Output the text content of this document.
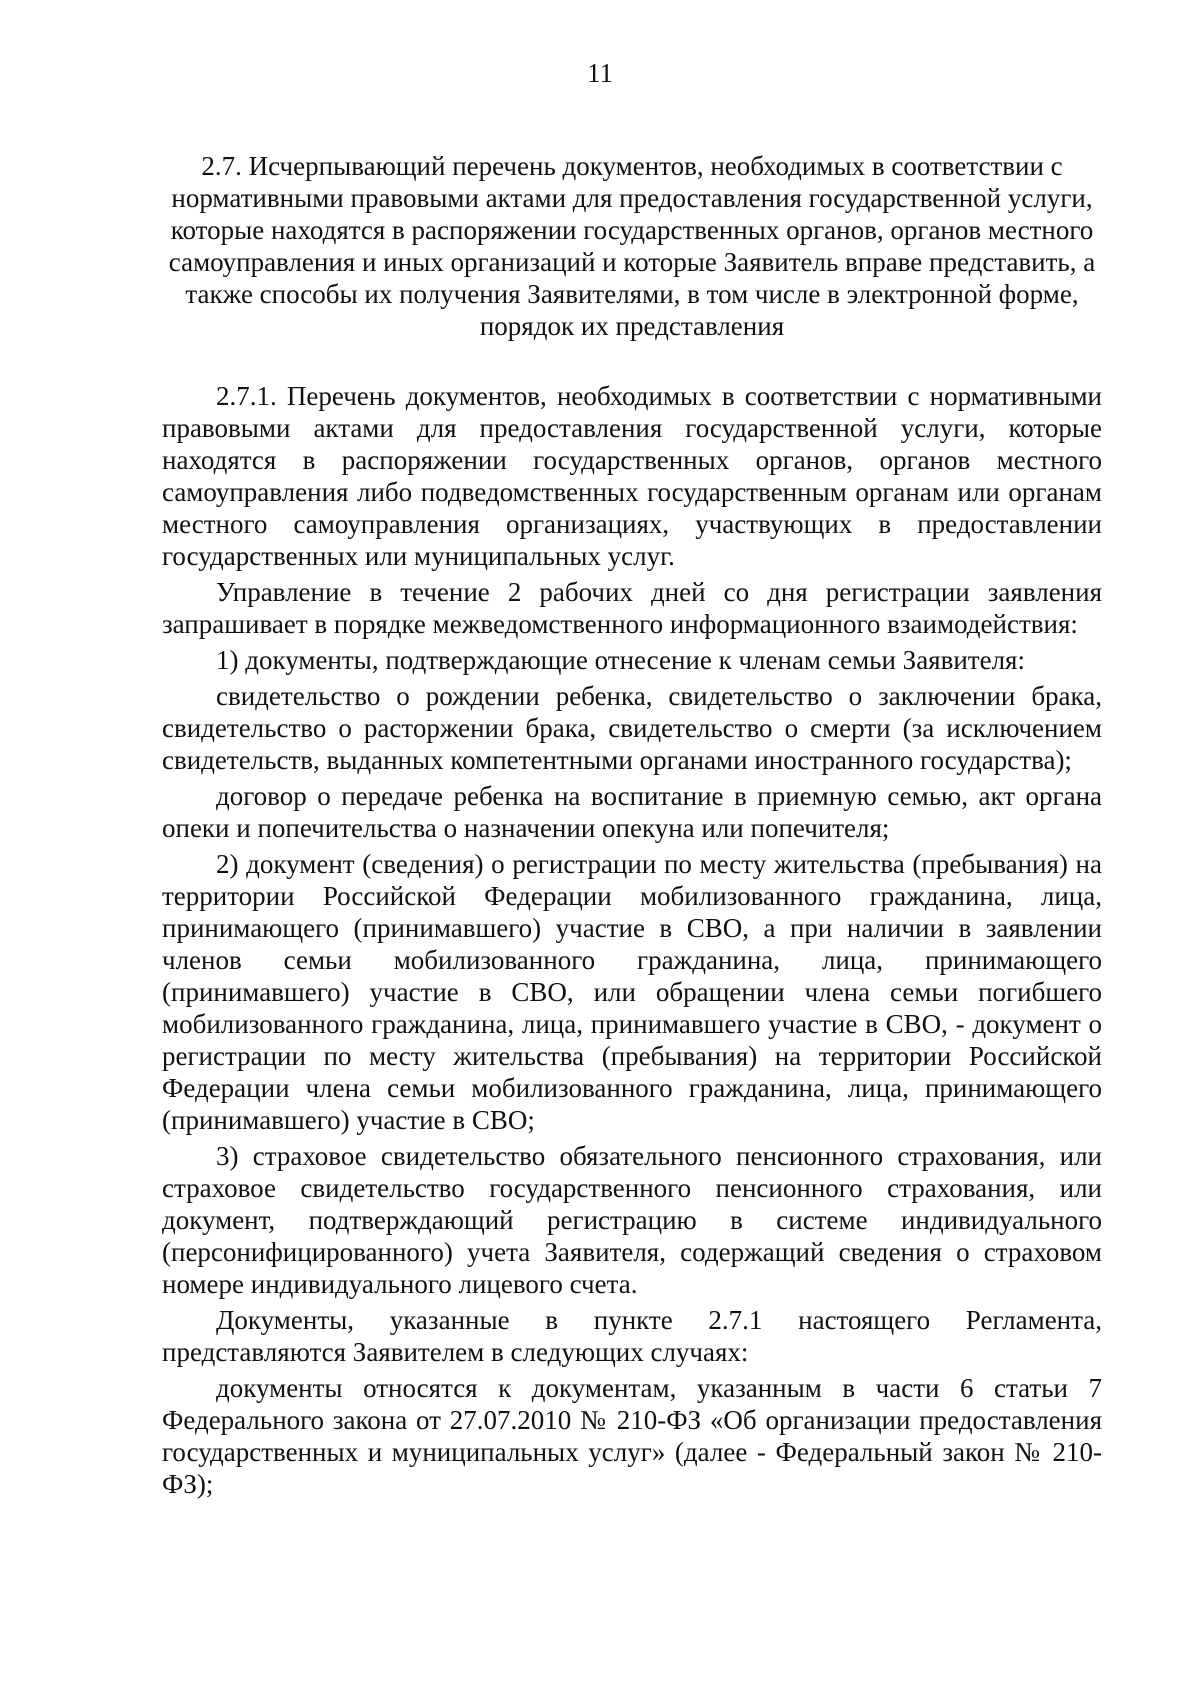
11
2.7. Исчерпывающий перечень документов, необходимых в соответствии с нормативными правовыми актами для предоставления государственной услуги, которые находятся в распоряжении государственных органов, органов местного самоуправления и иных организаций и которые Заявитель вправе представить, а также способы их получения Заявителями, в том числе в электронной форме, порядок их представления

2.7.1. Перечень документов, необходимых в соответствии с нормативными правовыми актами для предоставления государственной услуги, которые находятся в распоряжении государственных органов, органов местного самоуправления либо подведомственных государственным органам или органам местного самоуправления организациях, участвующих в предоставлении государственных или муниципальных услуг.

Управление в течение 2 рабочих дней со дня регистрации заявления запрашивает в порядке межведомственного информационного взаимодействия:

1) документы, подтверждающие отнесение к членам семьи Заявителя:

свидетельство о рождении ребенка, свидетельство о заключении брака, свидетельство о расторжении брака, свидетельство о смерти (за исключением свидетельств, выданных компетентными органами иностранного государства);

договор о передаче ребенка на воспитание в приемную семью, акт органа опеки и попечительства о назначении опекуна или попечителя;

2) документ (сведения) о регистрации по месту жительства (пребывания) на территории Российской Федерации мобилизованного гражданина, лица, принимающего (принимавшего) участие в СВО, а при наличии в заявлении членов семьи мобилизованного гражданина, лица, принимающего (принимавшего) участие в СВО, или обращении члена семьи погибшего мобилизованного гражданина, лица, принимавшего участие в СВО, - документ о регистрации по месту жительства (пребывания) на территории Российской Федерации члена семьи мобилизованного гражданина, лица, принимающего (принимавшего) участие в СВО;

3) страховое свидетельство обязательного пенсионного страхования, или страховое свидетельство государственного пенсионного страхования, или документ, подтверждающий регистрацию в системе индивидуального (персонифицированного) учета Заявителя, содержащий сведения о страховом номере индивидуального лицевого счета.

Документы, указанные в пункте 2.7.1 настоящего Регламента, представляются Заявителем в следующих случаях:

документы относятся к документам, указанным в части 6 статьи 7 Федерального закона от 27.07.2010 № 210-ФЗ «Об организации предоставления государственных и муниципальных услуг» (далее - Федеральный закон № 210-ФЗ);
